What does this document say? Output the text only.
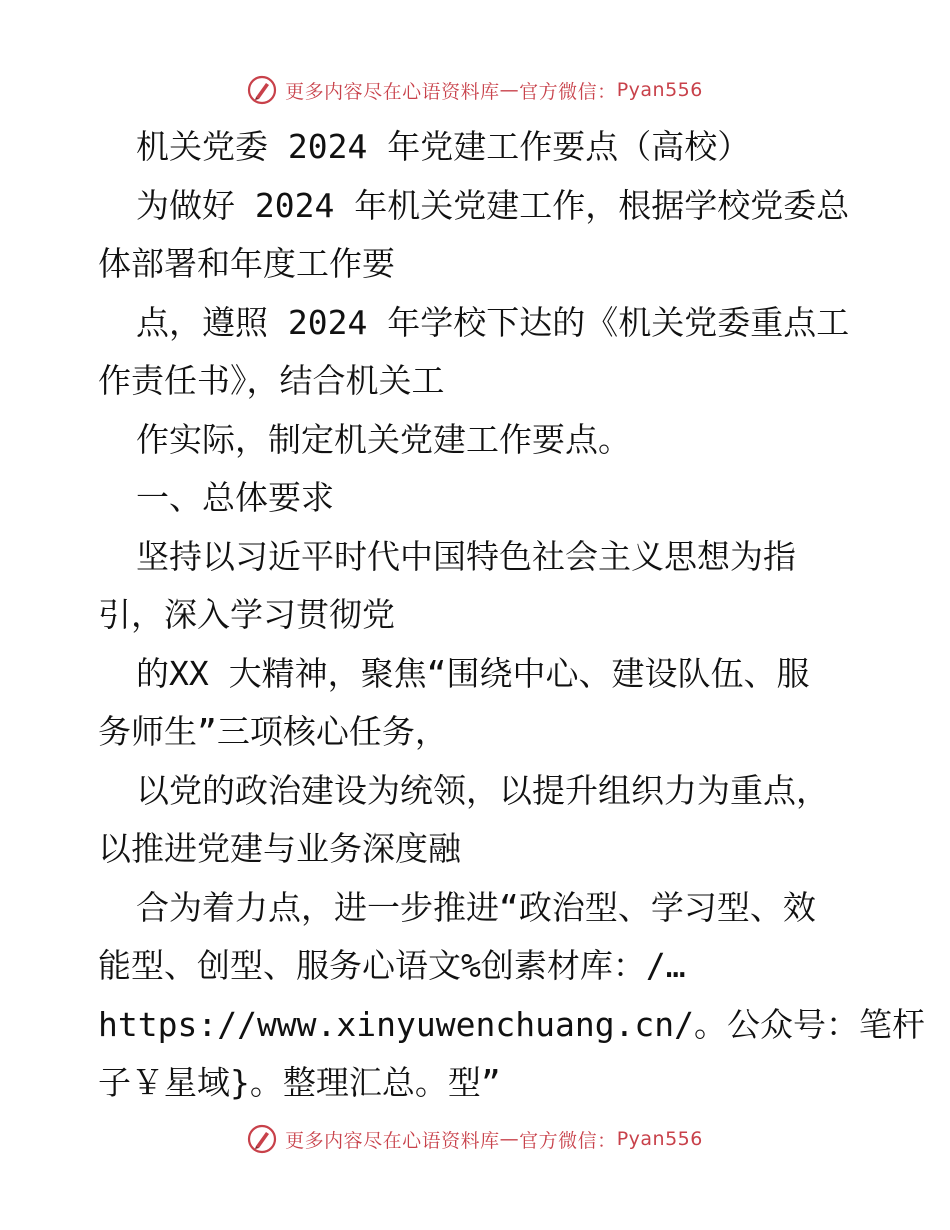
更多内容尽在心语资料库 — 官方微信： Pyan556
机关党委 2024 年党建工作要点（高校）
为做好 2024 年机关党建工作，根据学校党委总
体部署和年度工作要
点，遵照 2024 年学校下达的《机关党委重点工
作责任书》，结合机关工
作实际，制定机关党建工作要点。
一、总体要求
坚持以习近平时代中国特色社会主义思想为指
引，深入学习贯彻党
的XX 大精神，聚焦“围绕中心、建设队伍、服
务师生”三项核心任务，
以党的政治建设为统领，以提升组织力为重点，
以推进党建与业务深度融
合为着力点，进一步推进“政治型、学习型、效
能型、创型、服务心语文%创素材库：/…
https://www.xinyuwenchuang.cn/。公众号：笔杆
子￥星域}。整理汇总。型”
更多内容尽在心语资料库 — 官方微信： Pyan556
